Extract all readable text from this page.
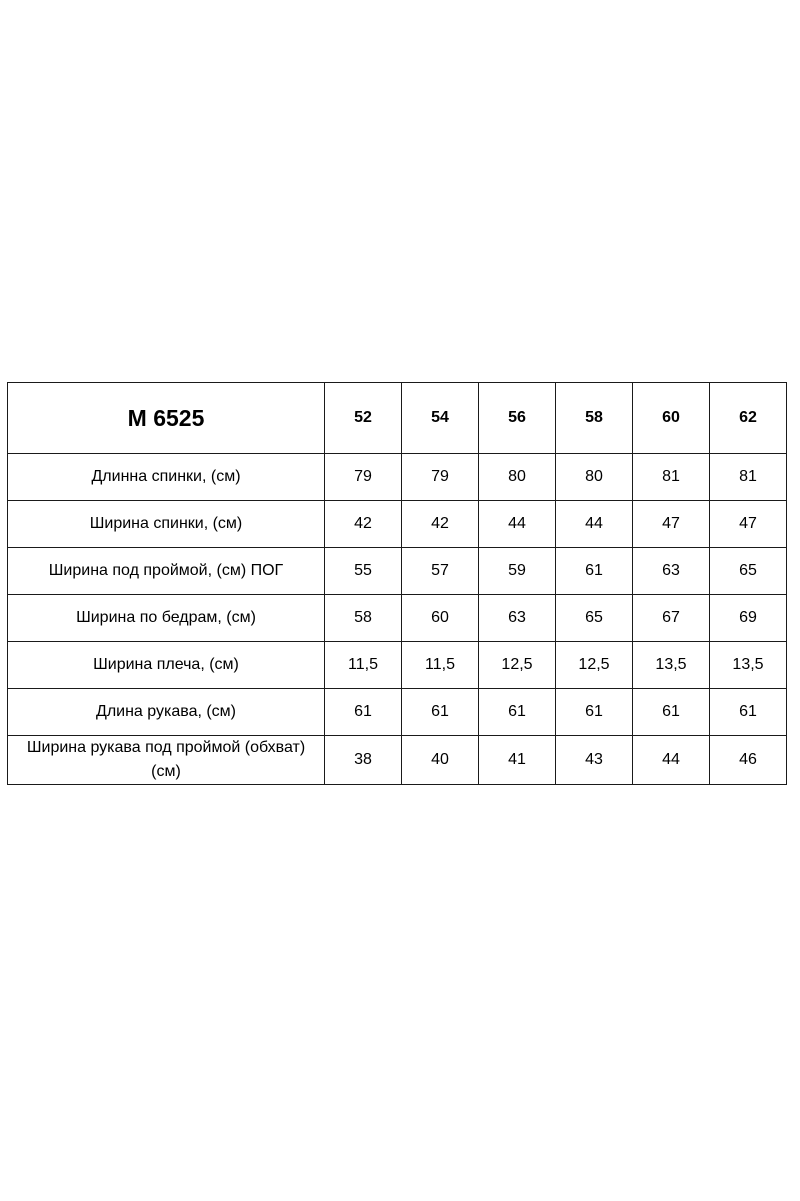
M 6525	52	54	56	58	60	62
Длинна спинки, (см)	79	79	80	80	81	81
Ширина спинки, (см)	42	42	44	44	47	47
Ширина под проймой, (см) ПОГ	55	57	59	61	63	65
Ширина по бедрам, (см)	58	60	63	65	67	69
Ширина плеча, (см)	11,5	11,5	12,5	12,5	13,5	13,5
Длина рукава, (см)	61	61	61	61	61	61
Ширина рукава под проймой (обхват) (см)	38	40	41	43	44	46
